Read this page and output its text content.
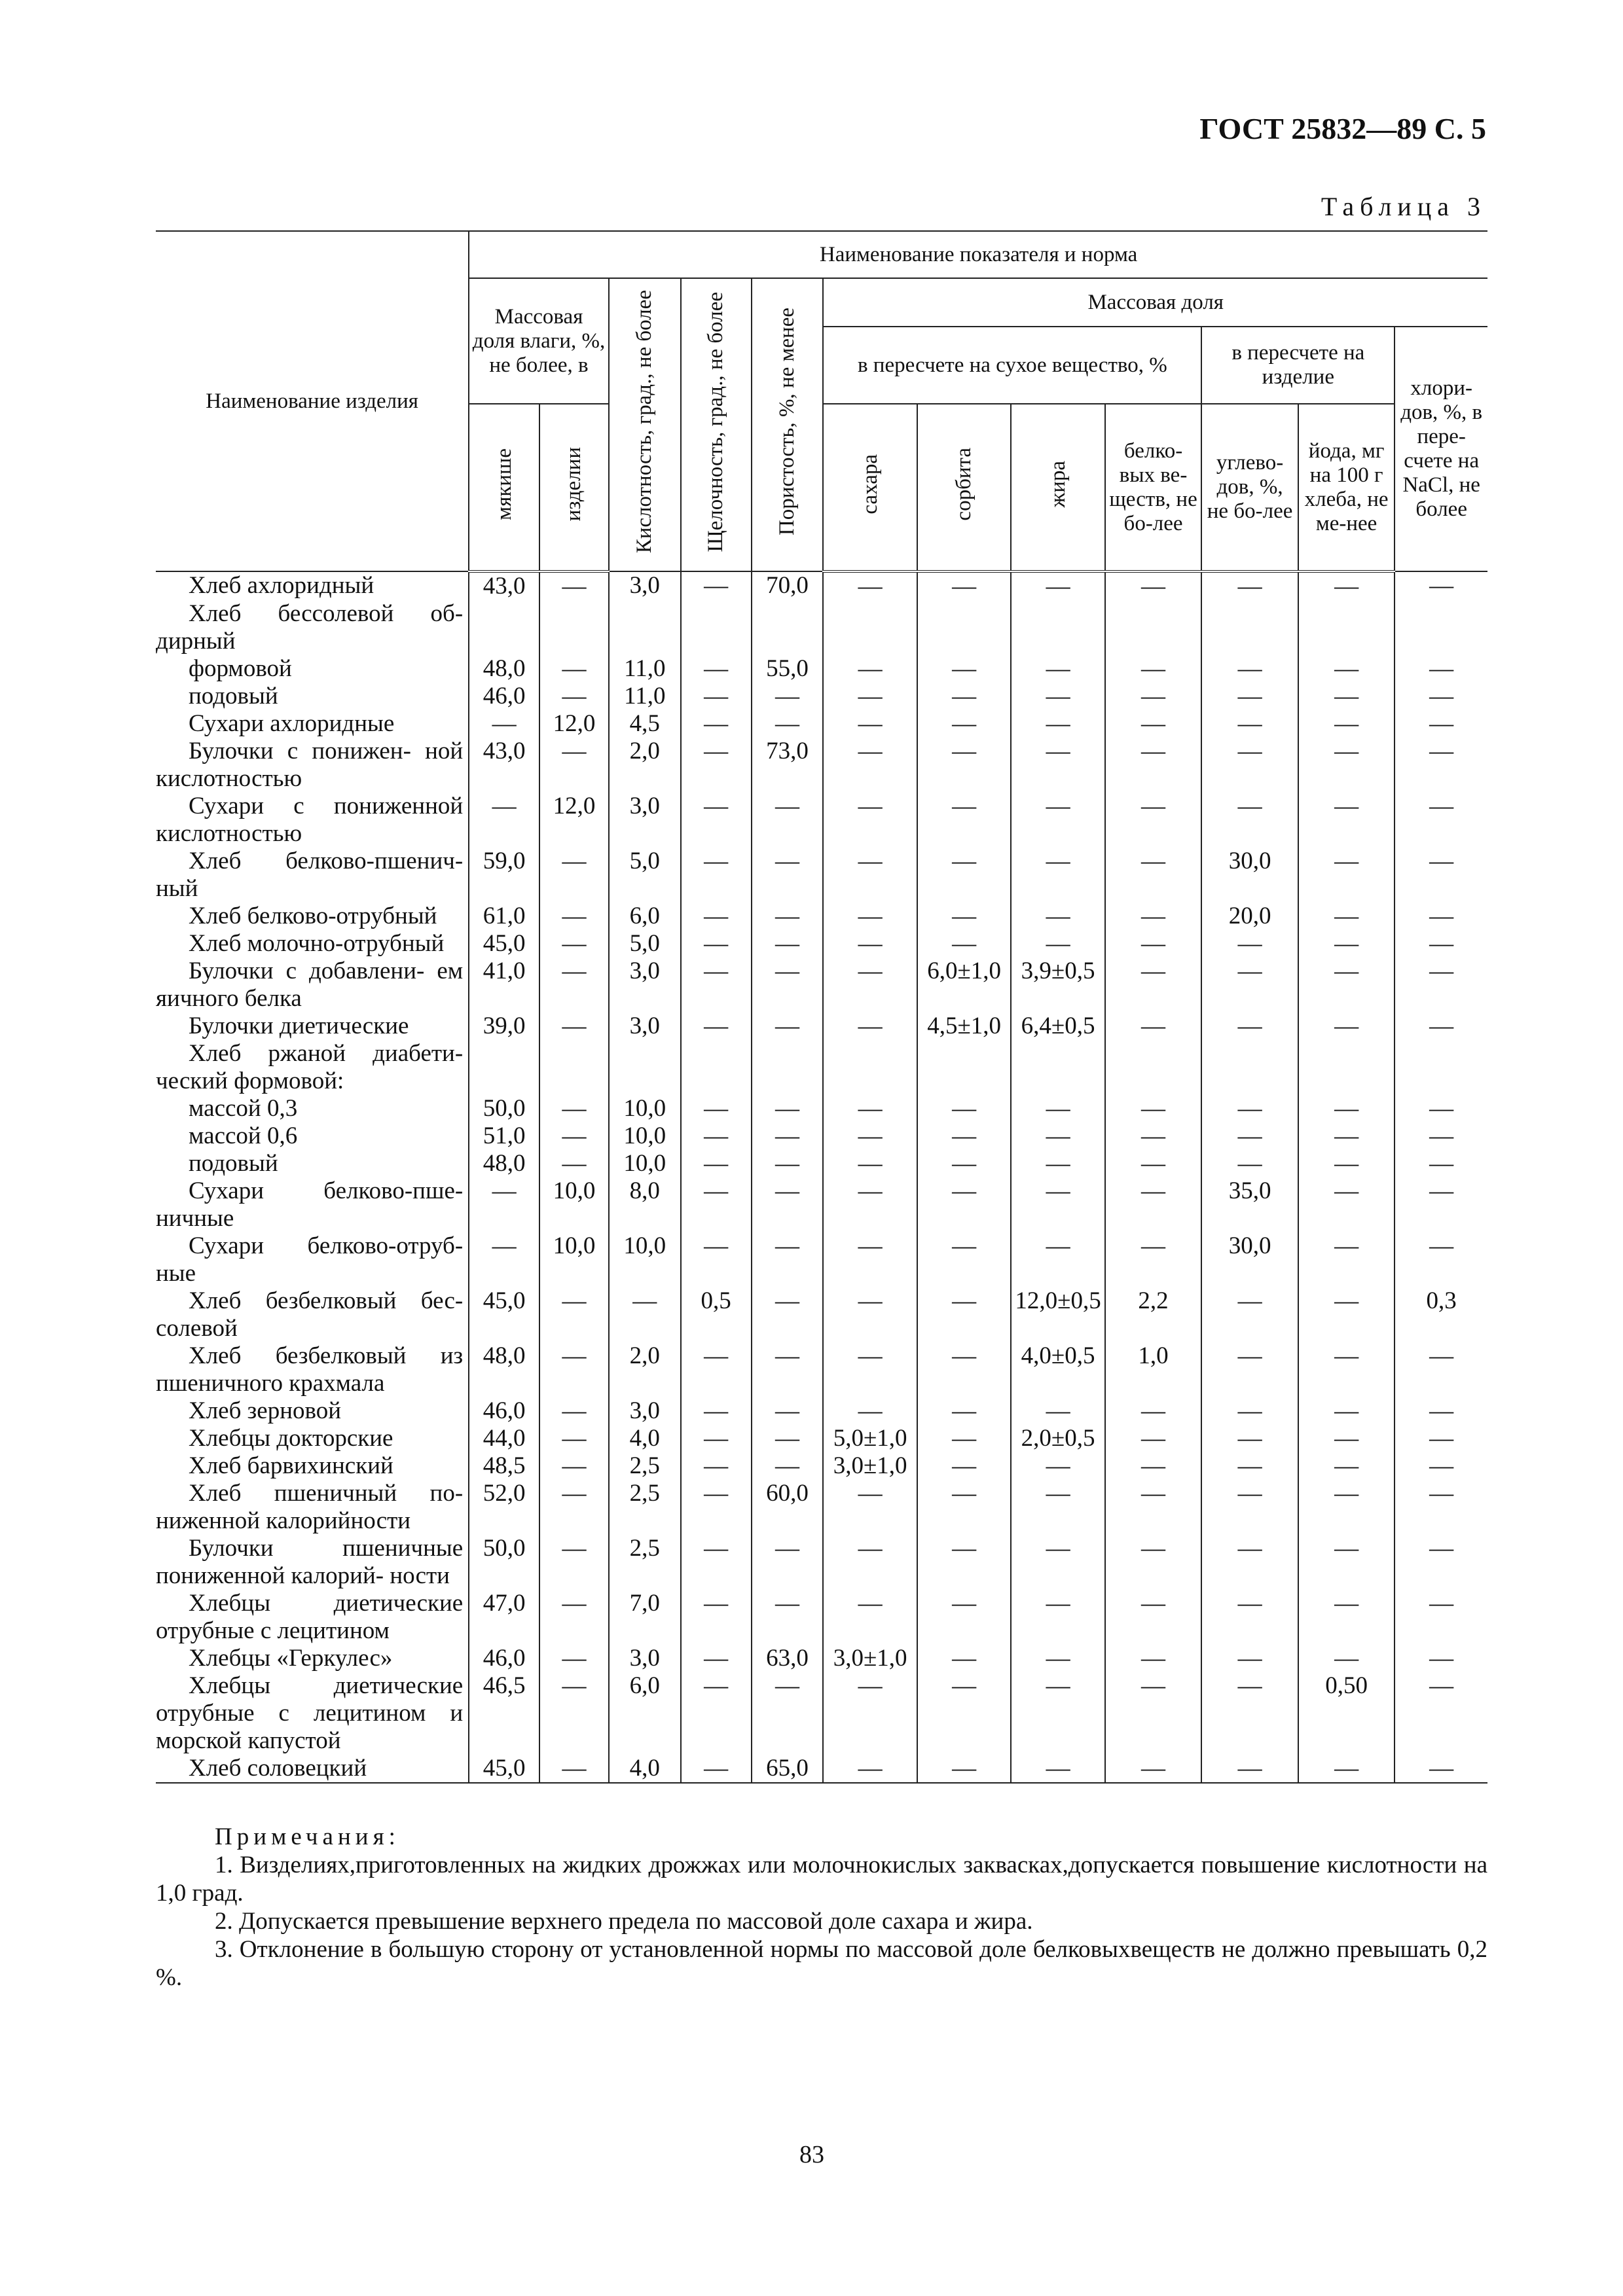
ГОСТ 25832—89 С. 5
Таблица 3
Наименование изделия	Наименование показателя и норма											
	Массовая доля влаги, %, не более, в		Кислотность, град., не более	Щелочность, град., не более	Пористость, %, не менее	Массовая доля						
						в пересчете на сухое вещество, %				в пересчете на изделие		хлори-дов, %, в пере-счете на NaCl, не более
	мякише	изделии				сахара	сорбита	жира	белко-вых ве-ществ, не бо-лее	углево-дов, %, не бо-лее	йода, мг на 100 г хлеба, не ме-нее	
Хлеб ахлоридный	43,0	—	3,0	—	70,0	—	—	—	—	—	—	—
Хлеб бессолевой об- дирный												
формовой	48,0	—	11,0	—	55,0	—	—	—	—	—	—	—
подовый	46,0	—	11,0	—	—	—	—	—	—	—	—	—
Сухари ахлоридные	—	12,0	4,5	—	—	—	—	—	—	—	—	—
Булочки с понижен- ной кислотностью	43,0	—	2,0	—	73,0	—	—	—	—	—	—	—
Сухари с пониженной кислотностью	—	12,0	3,0	—	—	—	—	—	—	—	—	—
Хлеб белково-пшенич- ный	59,0	—	5,0	—	—	—	—	—	—	30,0	—	—
Хлеб белково-отрубный	61,0	—	6,0	—	—	—	—	—	—	20,0	—	—
Хлеб молочно-отрубный	45,0	—	5,0	—	—	—	—	—	—	—	—	—
Булочки с добавлени- ем яичного белка	41,0	—	3,0	—	—	—	6,0±1,0	3,9±0,5	—	—	—	—
Булочки диетические	39,0	—	3,0	—	—	—	4,5±1,0	6,4±0,5	—	—	—	—
Хлеб ржаной диабети- ческий формовой:												
массой 0,3	50,0	—	10,0	—	—	—	—	—	—	—	—	—
массой 0,6	51,0	—	10,0	—	—	—	—	—	—	—	—	—
подовый	48,0	—	10,0	—	—	—	—	—	—	—	—	—
Сухари белково-пше- ничные	—	10,0	8,0	—	—	—	—	—	—	35,0	—	—
Сухари белково-отруб- ные	—	10,0	10,0	—	—	—	—	—	—	30,0	—	—
Хлеб безбелковый бес- солевой	45,0	—	—	0,5	—	—	—	12,0±0,5	2,2	—	—	0,3
Хлеб безбелковый из пшеничного крахмала	48,0	—	2,0	—	—	—	—	4,0±0,5	1,0	—	—	—
Хлеб зерновой	46,0	—	3,0	—	—	—	—	—	—	—	—	—
Хлебцы докторские	44,0	—	4,0	—	—	5,0±1,0	—	2,0±0,5	—	—	—	—
Хлеб барвихинский	48,5	—	2,5	—	—	3,0±1,0	—	—	—	—	—	—
Хлеб пшеничный по- ниженной калорийности	52,0	—	2,5	—	60,0	—	—	—	—	—	—	—
Булочки пшеничные пониженной калорий- ности	50,0	—	2,5	—	—	—	—	—	—	—	—	—
Хлебцы диетические отрубные с лецитином	47,0	—	7,0	—	—	—	—	—	—	—	—	—
Хлебцы «Геркулес»	46,0	—	3,0	—	63,0	3,0±1,0	—	—	—	—	—	—
Хлебцы диетические отрубные с лецитином и морской капустой	46,5	—	6,0	—	—	—	—	—	—	—	0,50	—
Хлеб соловецкий	45,0	—	4,0	—	65,0	—	—	—	—	—	—	—
Примечания:

1. Визделиях,приготовленных на жидких дрожжах или молочнокислых заквасках,допускается повышение кислотности на 1,0 град.

2. Допускается превышение верхнего предела по массовой доле сахара и жира.

3. Отклонение в большую сторону от установленной нормы по массовой доле белковыхвеществ не должно превышать 0,2 %.

83
